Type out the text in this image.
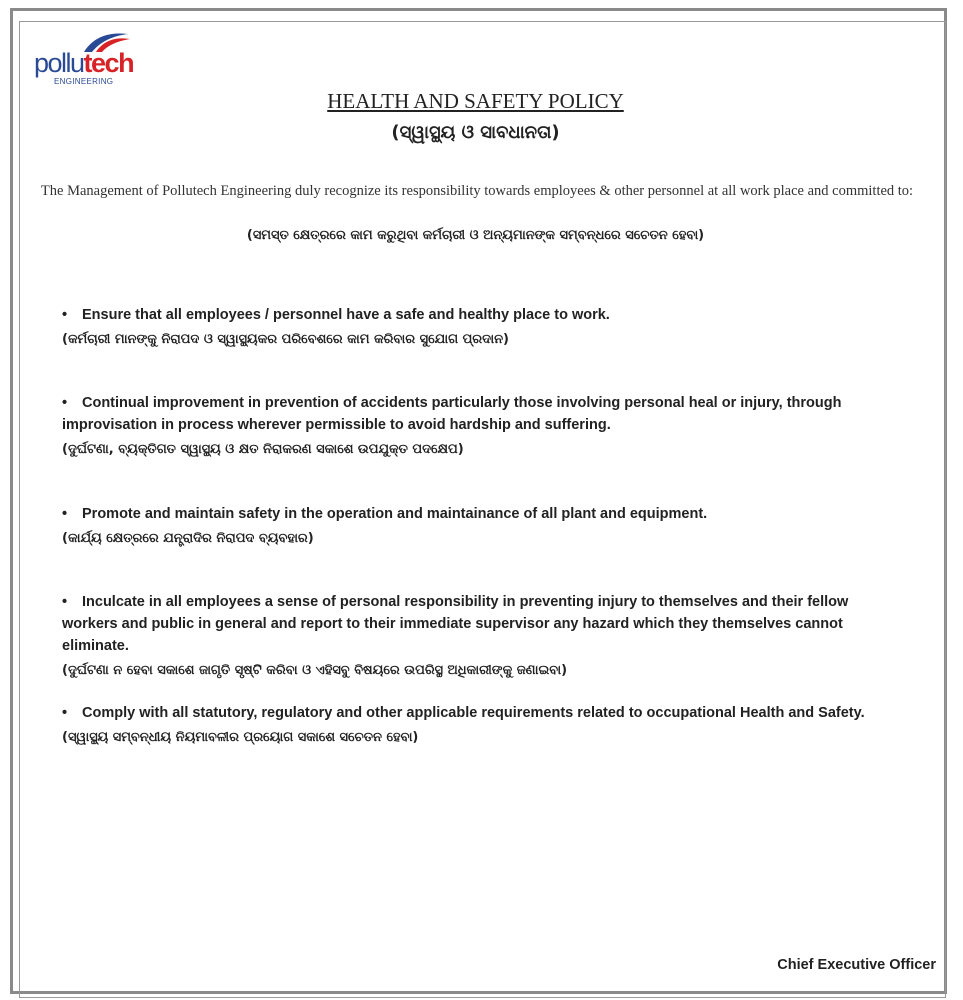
pollutech
ENGINEERING
HEALTH AND SAFETY POLICY
(ସ୍ୱାସ୍ଥ୍ୟ ଓ ସାବଧାନତା)
The Management of Pollutech Engineering duly recognize its responsibility towards employees & other personnel at all work place and committed to:
(ସମସ୍ତ କ୍ଷେତ୍ରରେ କାମ କରୁଥିବା କର୍ମଚାରୀ ଓ ଅନ୍ୟମାନଙ୍କ ସମ୍ବନ୍ଧରେ ସଚେତନ ହେବା)
• Ensure that all employees / personnel have a safe and healthy place to work.
(କର୍ମଚାରୀ ମାନଙ୍କୁ ନିରାପଦ ଓ ସ୍ୱାସ୍ଥ୍ୟକର ପରିବେଶରେ କାମ କରିବାର ସୁଯୋଗ ପ୍ରଦାନ)
• Continual improvement in prevention of accidents particularly those involving personal heal or injury, through improvisation in process wherever permissible to avoid hardship and suffering.
(ଦୁର୍ଘଟଣା, ବ୍ୟକ୍ତିଗତ ସ୍ୱାସ୍ଥ୍ୟ ଓ କ୍ଷତ ନିରାକରଣ ସକାଶେ ଉପଯୁକ୍ତ ପଦକ୍ଷେପ)
• Promote and maintain safety in the operation and maintainance of all plant and equipment.
(କାର୍ଯ୍ୟ କ୍ଷେତ୍ରରେ ଯନ୍ତ୍ରାଦିର ନିରାପଦ ବ୍ୟବହାର)
• Inculcate in all employees a sense of personal responsibility in preventing injury to themselves and their fellow workers and public in general and report to their immediate supervisor any hazard which they themselves cannot eliminate.
(ଦୁର୍ଘଟଣା ନ ହେବା ସକାଶେ ଜାଗୃତି ସୃଷ୍ଟି କରିବା ଓ ଏହିସବୁ ବିଷୟରେ ଉପରିସ୍ଥ ଅଧିକାରୀଙ୍କୁ ଜଣାଇବା)
• Comply with all statutory, regulatory and other applicable requirements related to occupational Health and Safety.
(ସ୍ୱାସ୍ଥ୍ୟ ସମ୍ବନ୍ଧୀୟ ନିୟମାବଳୀର ପ୍ରୟୋଗ ସକାଶେ ସଚେତନ ହେବା)
Chief Executive Officer
